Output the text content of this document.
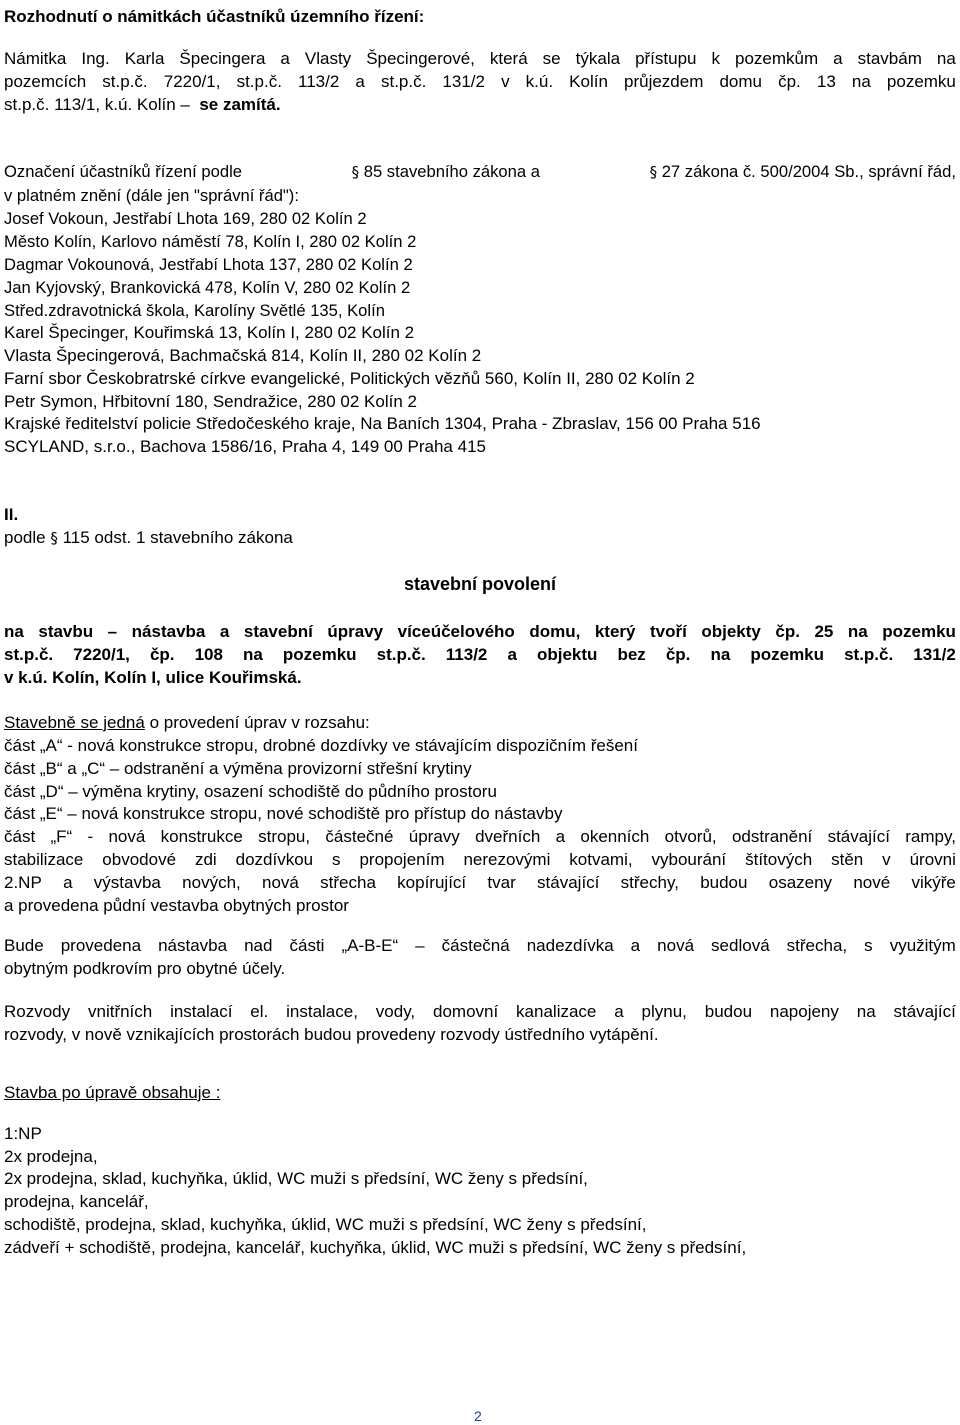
Rozhodnutí o námitkách účastníků územního řízení:
Námitka Ing. Karla Špecingera a Vlasty Špecingerové, která se týkala přístupu k pozemkům a stavbám na
pozemcích st.p.č. 7220/1, st.p.č. 113/2 a st.p.č. 131/2 v k.ú. Kolín průjezdem domu čp. 13 na pozemku
st.p.č. 113/1, k.ú. Kolín – se zamítá.
Označení účastníků řízení podle	§ 85 stavebního zákona a	§ 27 zákona č. 500/2004 Sb., správní řád,
v platném znění (dále jen "správní řád"):
Josef Vokoun, Jestřabí Lhota 169, 280 02 Kolín 2
Město Kolín, Karlovo náměstí 78, Kolín I, 280 02 Kolín 2
Dagmar Vokounová, Jestřabí Lhota 137, 280 02 Kolín 2
Jan Kyjovský, Brankovická 478, Kolín V, 280 02 Kolín 2
Střed.zdravotnická škola, Karolíny Světlé 135, Kolín
Karel Špecinger, Kouřimská 13, Kolín I, 280 02 Kolín 2
Vlasta Špecingerová, Bachmačská 814, Kolín II, 280 02 Kolín 2
Farní sbor Českobratrské církve evangelické, Politických vězňů 560, Kolín II, 280 02 Kolín 2
Petr Symon, Hřbitovní 180, Sendražice, 280 02 Kolín 2
Krajské ředitelství policie Středočeského kraje, Na Baních 1304, Praha - Zbraslav, 156 00 Praha 516
SCYLAND, s.r.o., Bachova 1586/16, Praha 4, 149 00 Praha 415
II.
podle § 115 odst. 1 stavebního zákona
stavební povolení
na stavbu – nástavba a stavební úpravy víceúčelového domu, který tvoří objekty čp. 25 na pozemku
st.p.č. 7220/1, čp. 108 na pozemku st.p.č. 113/2 a objektu bez čp. na pozemku st.p.č. 131/2
v k.ú. Kolín, Kolín I, ulice Kouřimská.
Stavebně se jedná o provedení úprav v rozsahu:
část „A“ - nová konstrukce stropu, drobné dozdívky ve stávajícím dispozičním řešení
část „B“ a „C“ – odstranění a výměna provizorní střešní krytiny
část „D“ – výměna krytiny, osazení schodiště do půdního prostoru
část „E“ – nová konstrukce stropu, nové schodiště pro přístup do nástavby
část „F“ - nová konstrukce stropu, částečné úpravy dveřních a okenních otvorů, odstranění stávající rampy,
stabilizace obvodové zdi dozdívkou s propojením nerezovými kotvami, vybourání štítových stěn v úrovni
2.NP a výstavba nových, nová střecha kopírující tvar stávající střechy, budou osazeny nové vikýře
a provedena půdní vestavba obytných prostor
Bude provedena nástavba nad části „A-B-E“ – částečná nadezdívka a nová sedlová střecha, s využitým
obytným podkrovím pro obytné účely.
Rozvody vnitřních instalací el. instalace, vody, domovní kanalizace a plynu, budou napojeny na stávající
rozvody, v nově vznikajících prostorách budou provedeny rozvody ústředního vytápění.
Stavba po úpravě obsahuje :
1:NP
2x prodejna,
2x prodejna, sklad, kuchyňka, úklid, WC muži s předsíní, WC ženy s předsíní,
prodejna, kancelář,
schodiště, prodejna, sklad, kuchyňka, úklid, WC muži s předsíní, WC ženy s předsíní,
zádveří + schodiště, prodejna, kancelář, kuchyňka, úklid, WC muži s předsíní, WC ženy s předsíní,
2
